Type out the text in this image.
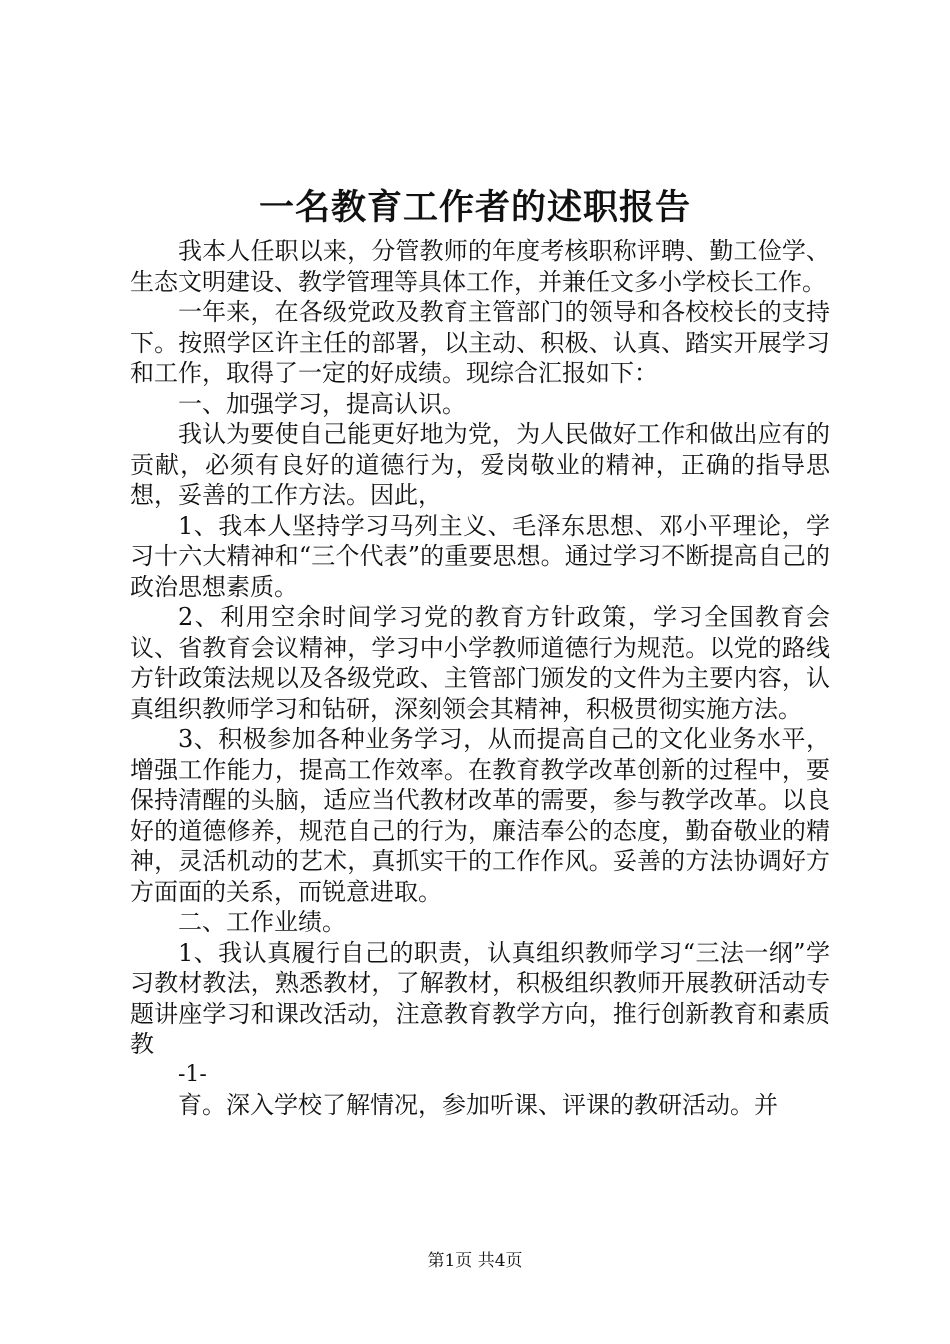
一名教育工作者的述职报告

我本人任职以来，分管教师的年度考核职称评聘、勤工俭学、生态文明建设、教学管理等具体工作，并兼任文多小学校长工作。

一年来，在各级党政及教育主管部门的领导和各校校长的支持下。按照学区许主任的部署，以主动、积极、认真、踏实开展学习和工作，取得了一定的好成绩。现综合汇报如下：

一、加强学习，提高认识。

我认为要使自己能更好地为党，为人民做好工作和做出应有的贡献，必须有良好的道德行为，爱岗敬业的精神，正确的指导思想，妥善的工作方法。因此，

1、我本人坚持学习马列主义、毛泽东思想、邓小平理论，学习十六大精神和“三个代表”的重要思想。通过学习不断提高自己的政治思想素质。

2、利用空余时间学习党的教育方针政策，学习全国教育会议、省教育会议精神，学习中小学教师道德行为规范。以党的路线方针政策法规以及各级党政、主管部门颁发的文件为主要内容，认真组织教师学习和钻研，深刻领会其精神，积极贯彻实施方法。

3、积极参加各种业务学习，从而提高自己的文化业务水平，增强工作能力，提高工作效率。在教育教学改革创新的过程中，要保持清醒的头脑，适应当代教材改革的需要，参与教学改革。以良好的道德修养，规范自己的行为，廉洁奉公的态度，勤奋敬业的精神，灵活机动的艺术，真抓实干的工作作风。妥善的方法协调好方方面面的关系，而锐意进取。

二、工作业绩。

1、我认真履行自己的职责，认真组织教师学习“三法一纲”学习教材教法，熟悉教材，了解教材，积极组织教师开展教研活动专题讲座学习和课改活动，注意教育教学方向，推行创新教育和素质教

-1-

育。深入学校了解情况，参加听课、评课的教研活动。并

第1页 共4页
